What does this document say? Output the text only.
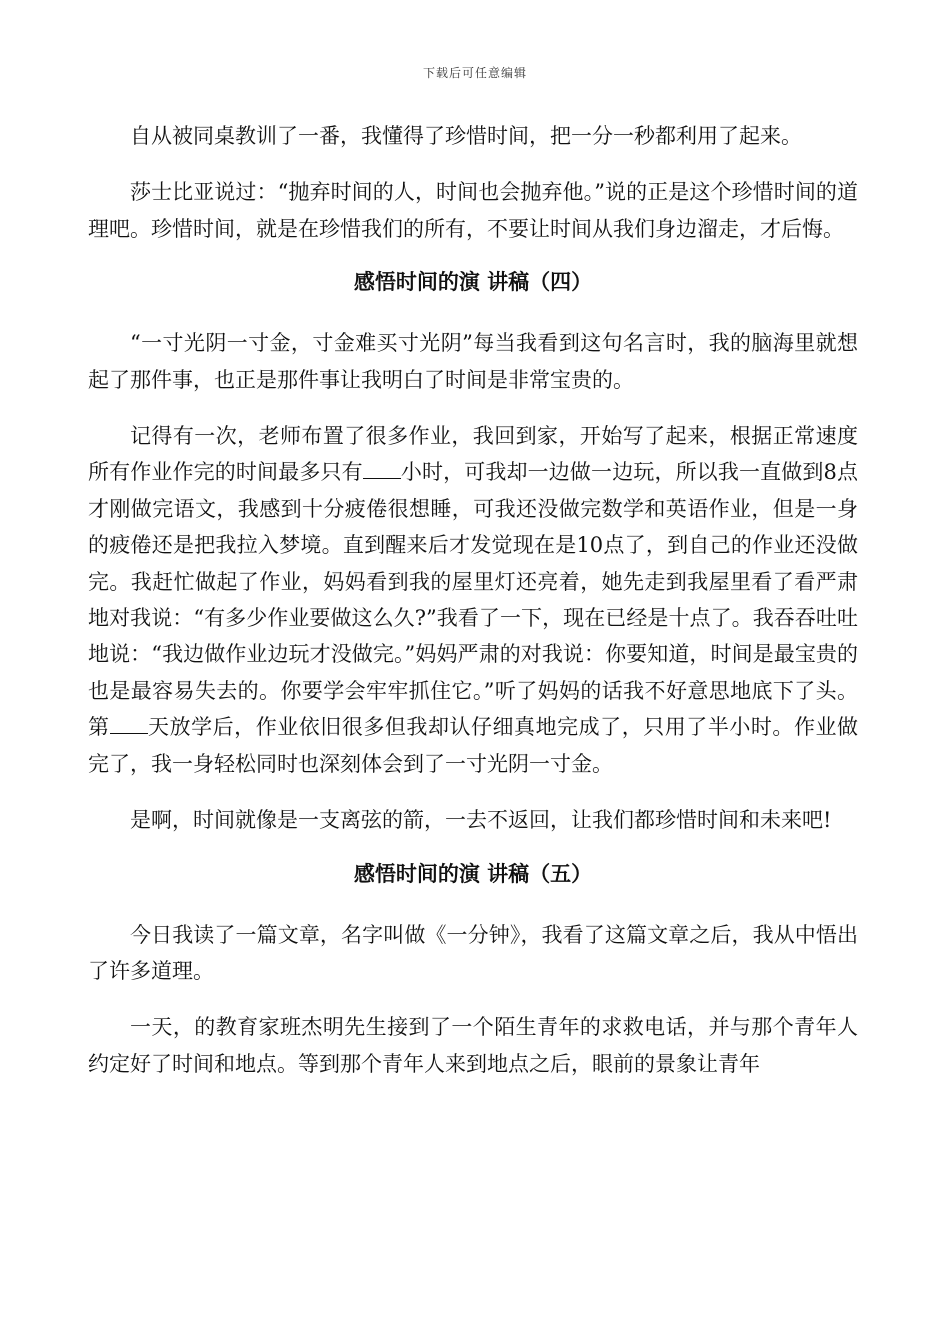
下载后可任意编辑

自从被同桌教训了一番，我懂得了珍惜时间，把一分一秒都利用了起来。

莎士比亚说过：“抛弃时间的人，时间也会抛弃他。”说的正是这个珍惜时间的道理吧。珍惜时间，就是在珍惜我们的所有，不要让时间从我们身边溜走，才后悔。

感悟时间的演 讲稿（四）

“一寸光阴一寸金，寸金难买寸光阴”每当我看到这句名言时，我的脑海里就想起了那件事，也正是那件事让我明白了时间是非常宝贵的。

记得有一次，老师布置了很多作业，我回到家，开始写了起来，根据正常速度所有作业作完的时间最多只有 小时，可我却一边做一边玩，所以我一直做到8点才刚做完语文，我感到十分疲倦很想睡，可我还没做完数学和英语作业，但是一身的疲倦还是把我拉入梦境。直到醒来后才发觉现在是10点了，到自己的作业还没做完。我赶忙做起了作业，妈妈看到我的屋里灯还亮着，她先走到我屋里看了看严肃地对我说：“有多少作业要做这么久?”我看了一下，现在已经是十点了。我吞吞吐吐地说：“我边做作业边玩才没做完。”妈妈严肃的对我说：你要知道，时间是最宝贵的也是最容易失去的。你要学会牢牢抓住它。”听了妈妈的话我不好意思地底下了头。第 天放学后，作业依旧很多但我却认仔细真地完成了，只用了半小时。作业做完了，我一身轻松同时也深刻体会到了一寸光阴一寸金。

是啊，时间就像是一支离弦的箭，一去不返回，让我们都珍惜时间和未来吧!

感悟时间的演 讲稿（五）

今日我读了一篇文章，名字叫做《一分钟》，我看了这篇文章之后，我从中悟出了许多道理。

一天，的教育家班杰明先生接到了一个陌生青年的求救电话，并与那个青年人约定好了时间和地点。等到那个青年人来到地点之后，眼前的景象让青年
